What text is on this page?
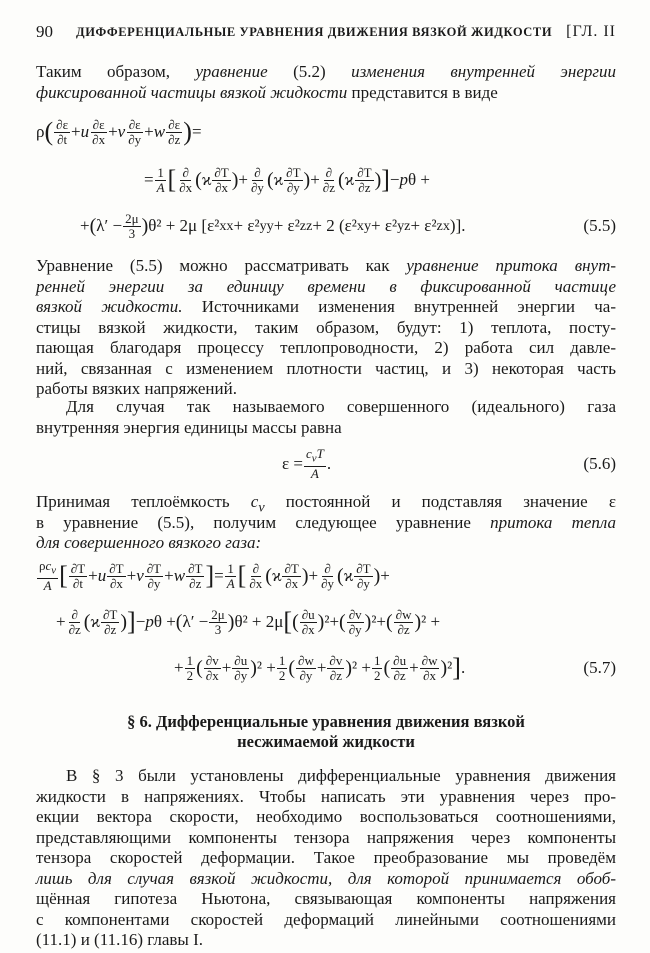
90 ДИФФЕРЕНЦИАЛЬНЫЕ УРАВНЕНИЯ ДВИЖЕНИЯ ВЯЗКОЙ ЖИДКОСТИ [ГЛ. II
Таким образом, уравнение (5.2) изменения внутренней энергии
фиксированной частицы вязкой жидкости представится в виде
ρ ( $\frac{\partial\varepsilon}{\partial t} + u \frac{\partial\varepsilon}{\partial x} + v \frac{\partial\varepsilon}{\partial y} + w \frac{\partial\varepsilon}{\partial z}$ ) =
= $\frac{1}{A}$ [ $\frac{\partial}{\partial x}$ ( ϰ $\frac{\partial T}{\partial x}$ ) + $\frac{\partial}{\partial y}$ ( ϰ $\frac{\partial T}{\partial y}$ ) + $\frac{\partial}{\partial z}$ ( ϰ $\frac{\partial T}{\partial z}$ ) ] − p θ +
+ ( $\lambda' - \frac{2\mu}{3}$ ) θ² + 2μ [ε² xx + ε² yy + ε² zz + 2 (ε² xy + ε² yz + ε² zx )].	(5.5)
Уравнение (5.5) можно рассматривать как уравнение притока внут-
ренней энергии за единицу времени в фиксированной частице
вязкой жидкости. Источниками изменения внутренней энергии ча-
стицы вязкой жидкости, таким образом, будут: 1) теплота, посту-
пающая благодаря процессу теплопроводности, 2) работа сил давле-
ний, связанная с изменением плотности частиц, и 3) некоторая часть
работы вязких напряжений.
Для случая так называемого совершенного (идеального) газа
внутренняя энергия единицы массы равна
$\varepsilon = \frac{c_vT}{A}$ .	(5.6)
Принимая теплоёмкость $c_v$ постоянной и подставляя значение ε
в уравнение (5.5), получим следующее уравнение притока тепла
для совершенного вязкого газа:
$\frac{\rho c_v}{A}$ [ $\frac{\partial T}{\partial t} + u \frac{\partial T}{\partial x} + v \frac{\partial T}{\partial y} + w \frac{\partial T}{\partial z}$ ] = $\frac{1}{A}$ [ $\frac{\partial}{\partial x}$ ( ϰ $\frac{\partial T}{\partial x}$ ) + $\frac{\partial}{\partial y}$ ( ϰ $\frac{\partial T}{\partial y}$ ) +
+ $\frac{\partial}{\partial z}$ ( ϰ $\frac{\partial T}{\partial z}$ ) ] − p θ + ( $\lambda' - \frac{2\mu}{3}$ ) θ² + 2μ [ ( $\frac{\partial u}{\partial x}$ ) ²+ ( $\frac{\partial v}{\partial y}$ ) ²+ ( $\frac{\partial w}{\partial z}$ ) ² +
+ $\frac{1}{2}$ ( $\frac{\partial v}{\partial x} + \frac{\partial u}{\partial y}$ ) $^2 + \frac{1}{2}$ ( $\frac{\partial w}{\partial y} + \frac{\partial v}{\partial z}$ ) $^2 + \frac{1}{2}$ ( $\frac{\partial u}{\partial z} + \frac{\partial w}{\partial x}$ ) ² ] .	(5.7)
§ 6. Дифференциальные уравнения движения вязкой
несжимаемой жидкости
В § 3 были установлены дифференциальные уравнения движения
жидкости в напряжениях. Чтобы написать эти уравнения через про-
екции вектора скорости, необходимо воспользоваться соотношениями,
представляющими компоненты тензора напряжения через компоненты
тензора скоростей деформации. Такое преобразование мы проведём
лишь для случая вязкой жидкости, для которой принимается обоб-
щённая гипотеза Ньютона, связывающая компоненты напряжения
с компонентами скоростей деформаций линейными соотношениями
(11.1) и (11.16) главы I.
